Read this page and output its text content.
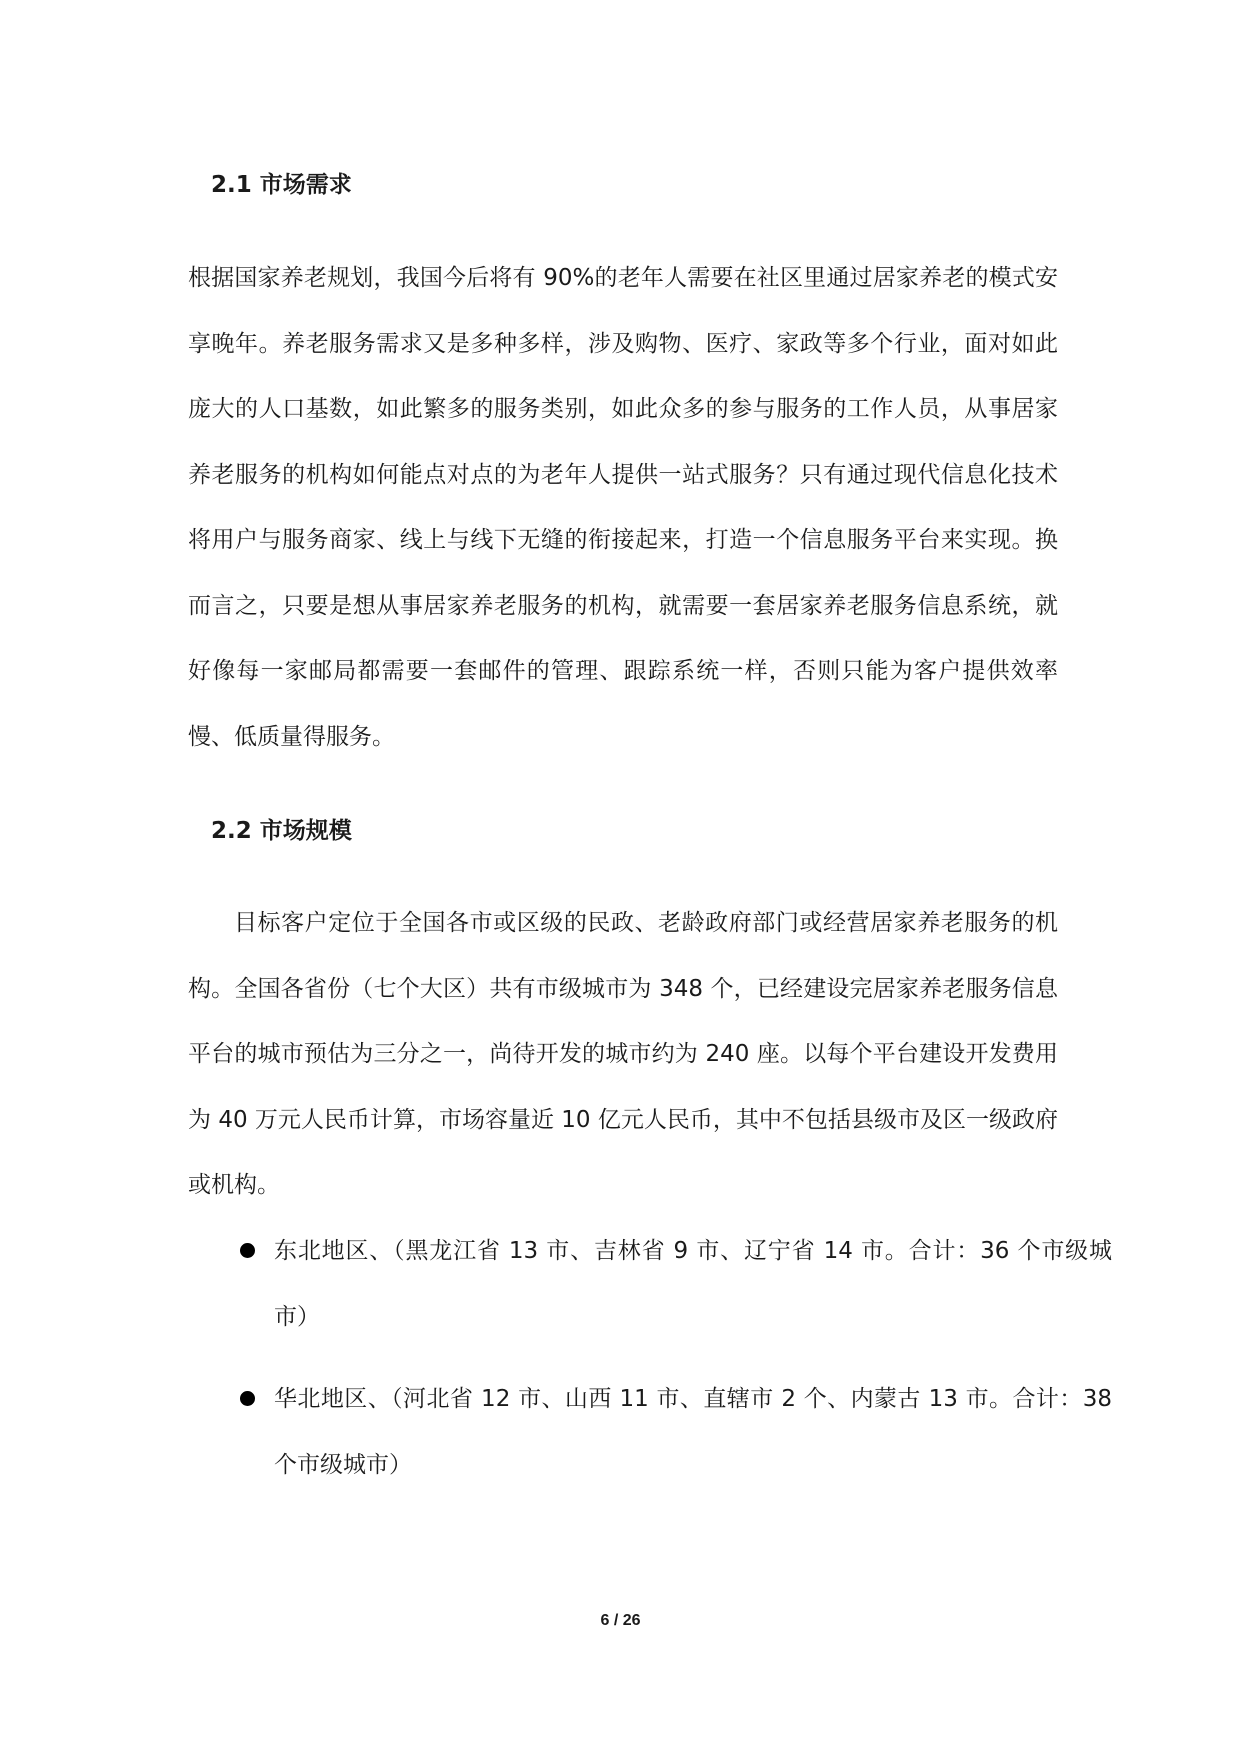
2.1 市场需求

根据国家养老规划，我国今后将有 90%的老年人需要在社区里通过居家养老的模式安享晚年。养老服务需求又是多种多样，涉及购物、医疗、家政等多个行业，面对如此庞大的人口基数，如此繁多的服务类别，如此众多的参与服务的工作人员，从事居家养老服务的机构如何能点对点的为老年人提供一站式服务？只有通过现代信息化技术将用户与服务商家、线上与线下无缝的衔接起来，打造一个信息服务平台来实现。换而言之，只要是想从事居家养老服务的机构，就需要一套居家养老服务信息系统，就好像每一家邮局都需要一套邮件的管理、跟踪系统一样，否则只能为客户提供效率慢、低质量得服务。

2.2 市场规模

目标客户定位于全国各市或区级的民政、老龄政府部门或经营居家养老服务的机构。全国各省份（七个大区）共有市级城市为 348 个，已经建设完居家养老服务信息平台的城市预估为三分之一，尚待开发的城市约为 240 座。以每个平台建设开发费用为 40 万元人民币计算，市场容量近 10 亿元人民币，其中不包括县级市及区一级政府或机构。

东北地区、（黑龙江省 13 市、吉林省 9 市、辽宁省 14 市。合计：36 个市级城市）
华北地区、（河北省 12 市、山西 11 市、直辖市 2 个、内蒙古 13 市。合计：38 个市级城市）
6 / 26
